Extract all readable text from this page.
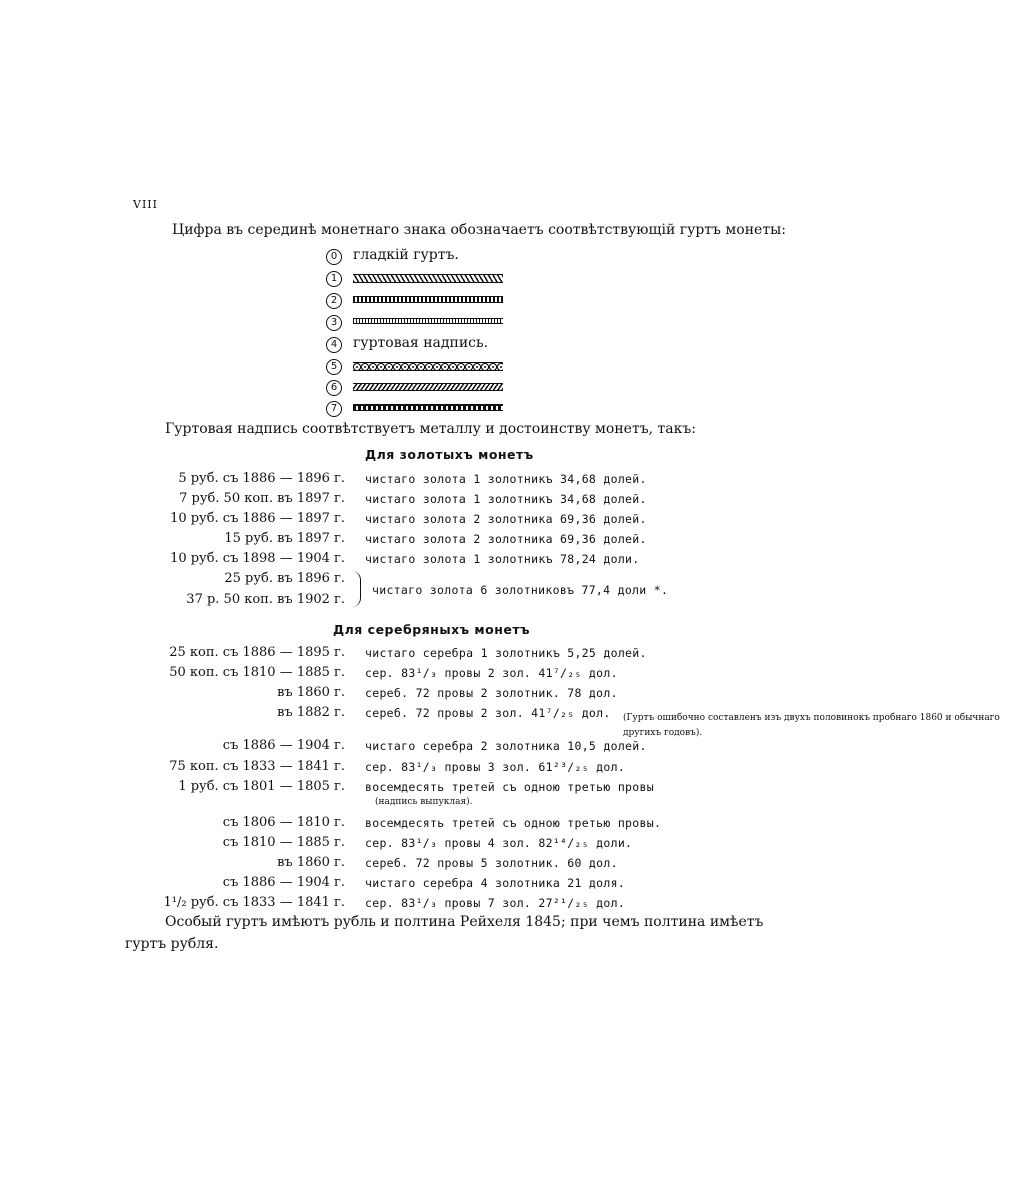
VIII
Цифра въ серединѣ монетнаго знака обозначаетъ соотвѣтствующій гуртъ монеты:
0	гладкій гуртъ.
1
2
3
4	гуртовая надпись.
5
6
7
Гуртовая надпись соотвѣтствуетъ металлу и достоинству монетъ, такъ:
Для золотыхъ монетъ
5 руб. съ 1886 — 1896 г. чистаго золота 1 золотникъ 34,68 долей.
7 руб. 50 коп. въ 1897 г. чистаго золота 1 золотникъ 34,68 долей.
10 руб. съ 1886 — 1897 г. чистаго золота 2 золотника 69,36 долей.
15 руб. въ 1897 г. чистаго золота 2 золотника 69,36 долей.
10 руб. съ 1898 — 1904 г. чистаго золота 1 золотникъ 78,24 доли.
25 руб. въ 1896 г.
37 р. 50 коп. въ 1902 г.
чистаго золота 6 золотниковъ 77,4 доли *.
Для серебряныхъ монетъ
25 коп. съ 1886 — 1895 г. чистаго серебра 1 золотникъ 5,25 долей.
50 коп. съ 1810 — 1885 г. сер. 83¹/₃ провы 2 зол. 41⁷/₂₅ дол.
въ 1860 г. сереб. 72 провы 2 золотник. 78 дол.
въ 1882 г. сереб. 72 провы 2 зол. 41⁷/₂₅ дол.	(Гуртъ ошибочно составленъ изъ двухъ половинокъ пробнаго 1860 и обычнаго другихъ годовъ).
съ 1886 — 1904 г. чистаго серебра 2 золотника 10,5 долей.
75 коп. съ 1833 — 1841 г. сер. 83¹/₃ провы 3 зол. 61²³/₂₅ дол.
1 руб. съ 1801 — 1805 г. восемдесять третей съ одною третью провы
(надпись выпуклая).
съ 1806 — 1810 г. восемдесять третей съ одною третью провы.
съ 1810 — 1885 г. сер. 83¹/₃ провы 4 зол. 82¹⁴/₂₅ доли.
въ 1860 г. сереб. 72 провы 5 золотник. 60 дол.
съ 1886 — 1904 г. чистаго серебра 4 золотника 21 доля.
1¹/₂ руб. съ 1833 — 1841 г. сер. 83¹/₃ провы 7 зол. 27²¹/₂₅ дол.
Особый гуртъ имѣютъ рубль и полтина Рейхеля 1845; при чемъ полтина имѣетъ
гуртъ рубля.
